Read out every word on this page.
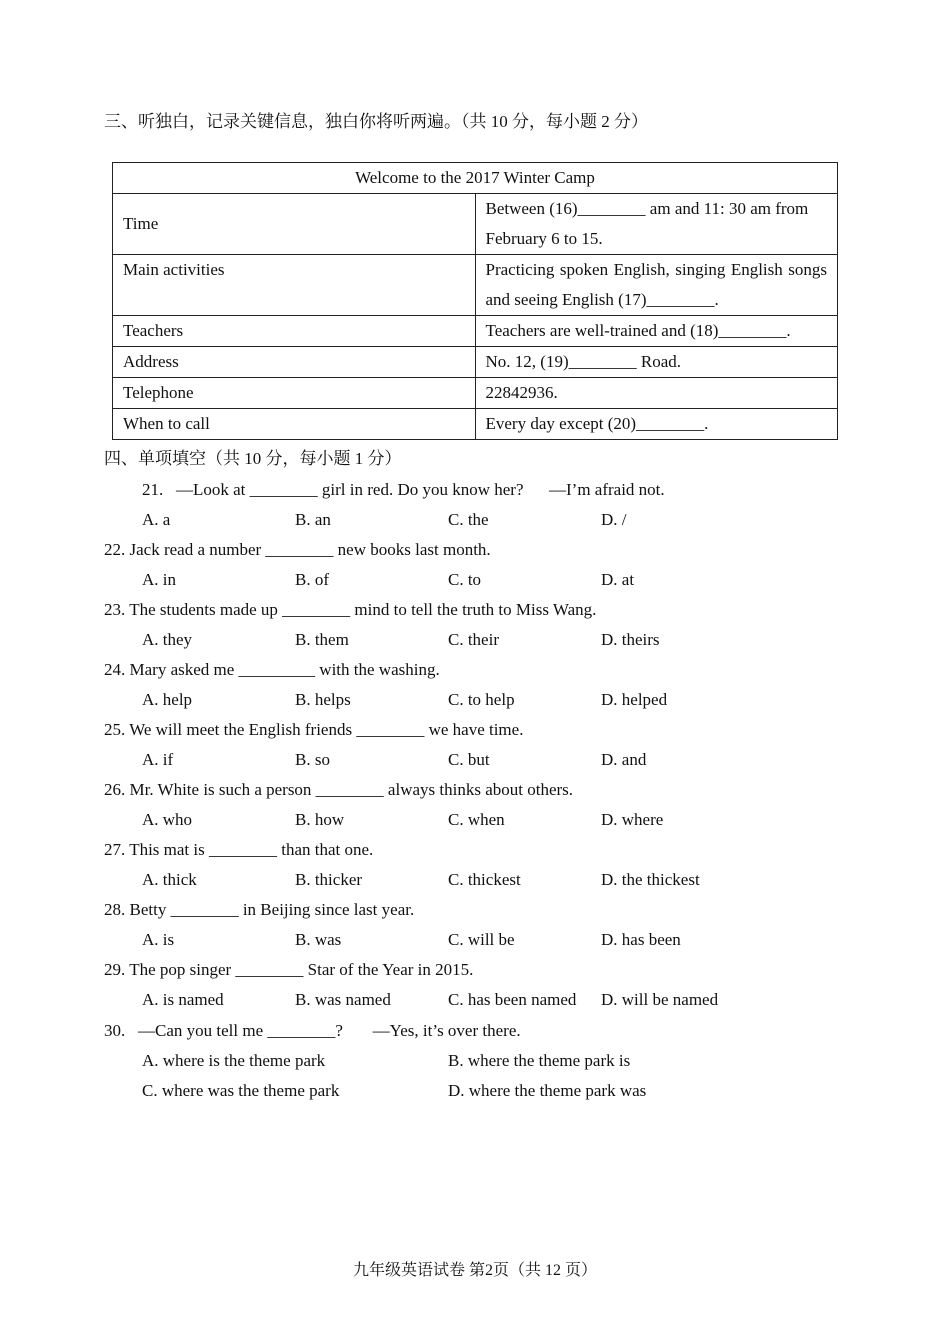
三、听独白，记录关键信息，独白你将听两遍。（共 10 分，每小题 2 分）
Welcome to the 2017 Winter Camp	
Time	Between (16)________ am and 11: 30 am from February 6 to 15.
Main activities	Practicing spoken English, singing English songs and seeing English (17)________.
Teachers	Teachers are well-trained and (18)________.
Address	No. 12, (19)________ Road.
Telephone	22842936.
When to call	Every day except (20)________.
四、单项填空（共 10 分，每小题 1 分）
21.   —Look at ________ girl in red. Do you know her?      —I’m afraid not.
A. a	B. an	C. the	D. /
22. Jack read a number ________ new books last month.
A. in	B. of	C. to	D. at
23. The students made up ________ mind to tell the truth to Miss Wang.
A. they	B. them	C. their	D. theirs
24. Mary asked me _________ with the washing.
A. help	B. helps	C. to help	D. helped
25. We will meet the English friends ________ we have time.
A. if	B. so	C. but	D. and
26. Mr. White is such a person ________ always thinks about others.
A. who	B. how	C. when	D. where
27. This mat is ________ than that one.
A. thick	B. thicker	C. thickest	D. the thickest
28. Betty ________ in Beijing since last year.
A. is	B. was	C. will be	D. has been
29. The pop singer ________ Star of the Year in 2015.
A. is named	B. was named	C. has been named D. will be named
30.   —Can you tell me ________?       —Yes, it’s over there.
A. where is the theme park	B. where the theme park is
C. where was the theme park	D. where the theme park was
九年级英语试卷 第2页（共 12 页）
